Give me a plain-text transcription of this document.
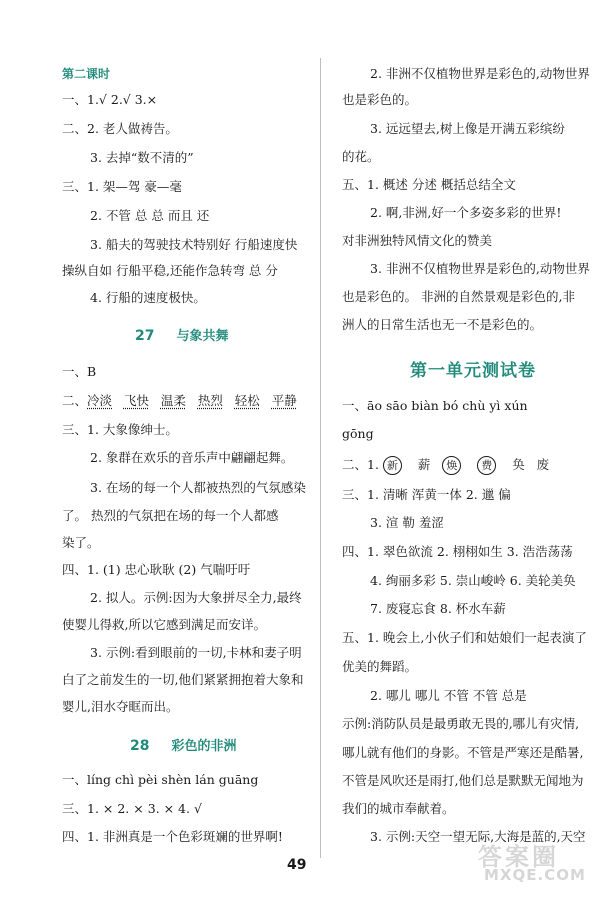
第二课时
一、1.√ 2.√ 3.×
二、2. 老人做祷告。
3. 去掉“数不清的”
三、1. 架—驾 豪—毫
2. 不管 总 总 而且 还
3. 船夫的驾驶技术特别好 行船速度快
操纵自如 行船平稳,还能作急转弯 总 分
4. 行船的速度极快。
27 与象共舞
一、B
二、冷淡 飞快 温柔 热烈 轻松 平静
三、1. 大象像绅士。
2. 象群在欢乐的音乐声中翩翩起舞。
3. 在场的每一个人都被热烈的气氛感染
了。 热烈的气氛把在场的每一个人都感
染了。
四、1. (1) 忠心耿耿 (2) 气喘吁吁
2. 拟人。示例:因为大象拼尽全力,最终
使婴儿得救,所以它感到满足而安详。
3. 示例:看到眼前的一切,卡林和妻子明
白了之前发生的一切,他们紧紧拥抱着大象和
婴儿,泪水夺眶而出。
28 彩色的非洲
一、líng chì pèi shèn lán guāng
三、1. × 2. × 3. × 4. √
四、1. 非洲真是一个色彩斑斓的世界啊!
2. 非洲不仅植物世界是彩色的,动物世界
也是彩色的。
3. 远远望去,树上像是开满五彩缤纷
的花。
五、1. 概述 分述 概括总结全文
2. 啊,非洲,好一个多姿多彩的世界!
对非洲独特风情文化的赞美
3. 非洲不仅植物世界是彩色的,动物世界
也是彩色的。 非洲的自然景观是彩色的,非
洲人的日常生活也无一不是彩色的。
第一单元测试卷
一、āo sāo biàn bó chù yì xún
gōng
二、1. 新 薪 焕 费 奂 废
三、1. 清晰 浑黄一体 2. 邋 偏
3. 渲 勒 羞涩
四、1. 翠色欲流 2. 栩栩如生 3. 浩浩荡荡
4. 绚丽多彩 5. 崇山峻岭 6. 美轮美奂
7. 废寝忘食 8. 杯水车薪
五、1. 晚会上,小伙子们和姑娘们一起表演了
优美的舞蹈。
2. 哪儿 哪儿 不管 不管 总是
示例:消防队员是最勇敢无畏的,哪儿有灾情,
哪儿就有他们的身影。不管是严寒还是酷暑,
不管是风吹还是雨打,他们总是默默无闻地为
我们的城市奉献着。
3. 示例:天空一望无际,大海是蓝的,天空
49	答案圈
MXQE.COM
